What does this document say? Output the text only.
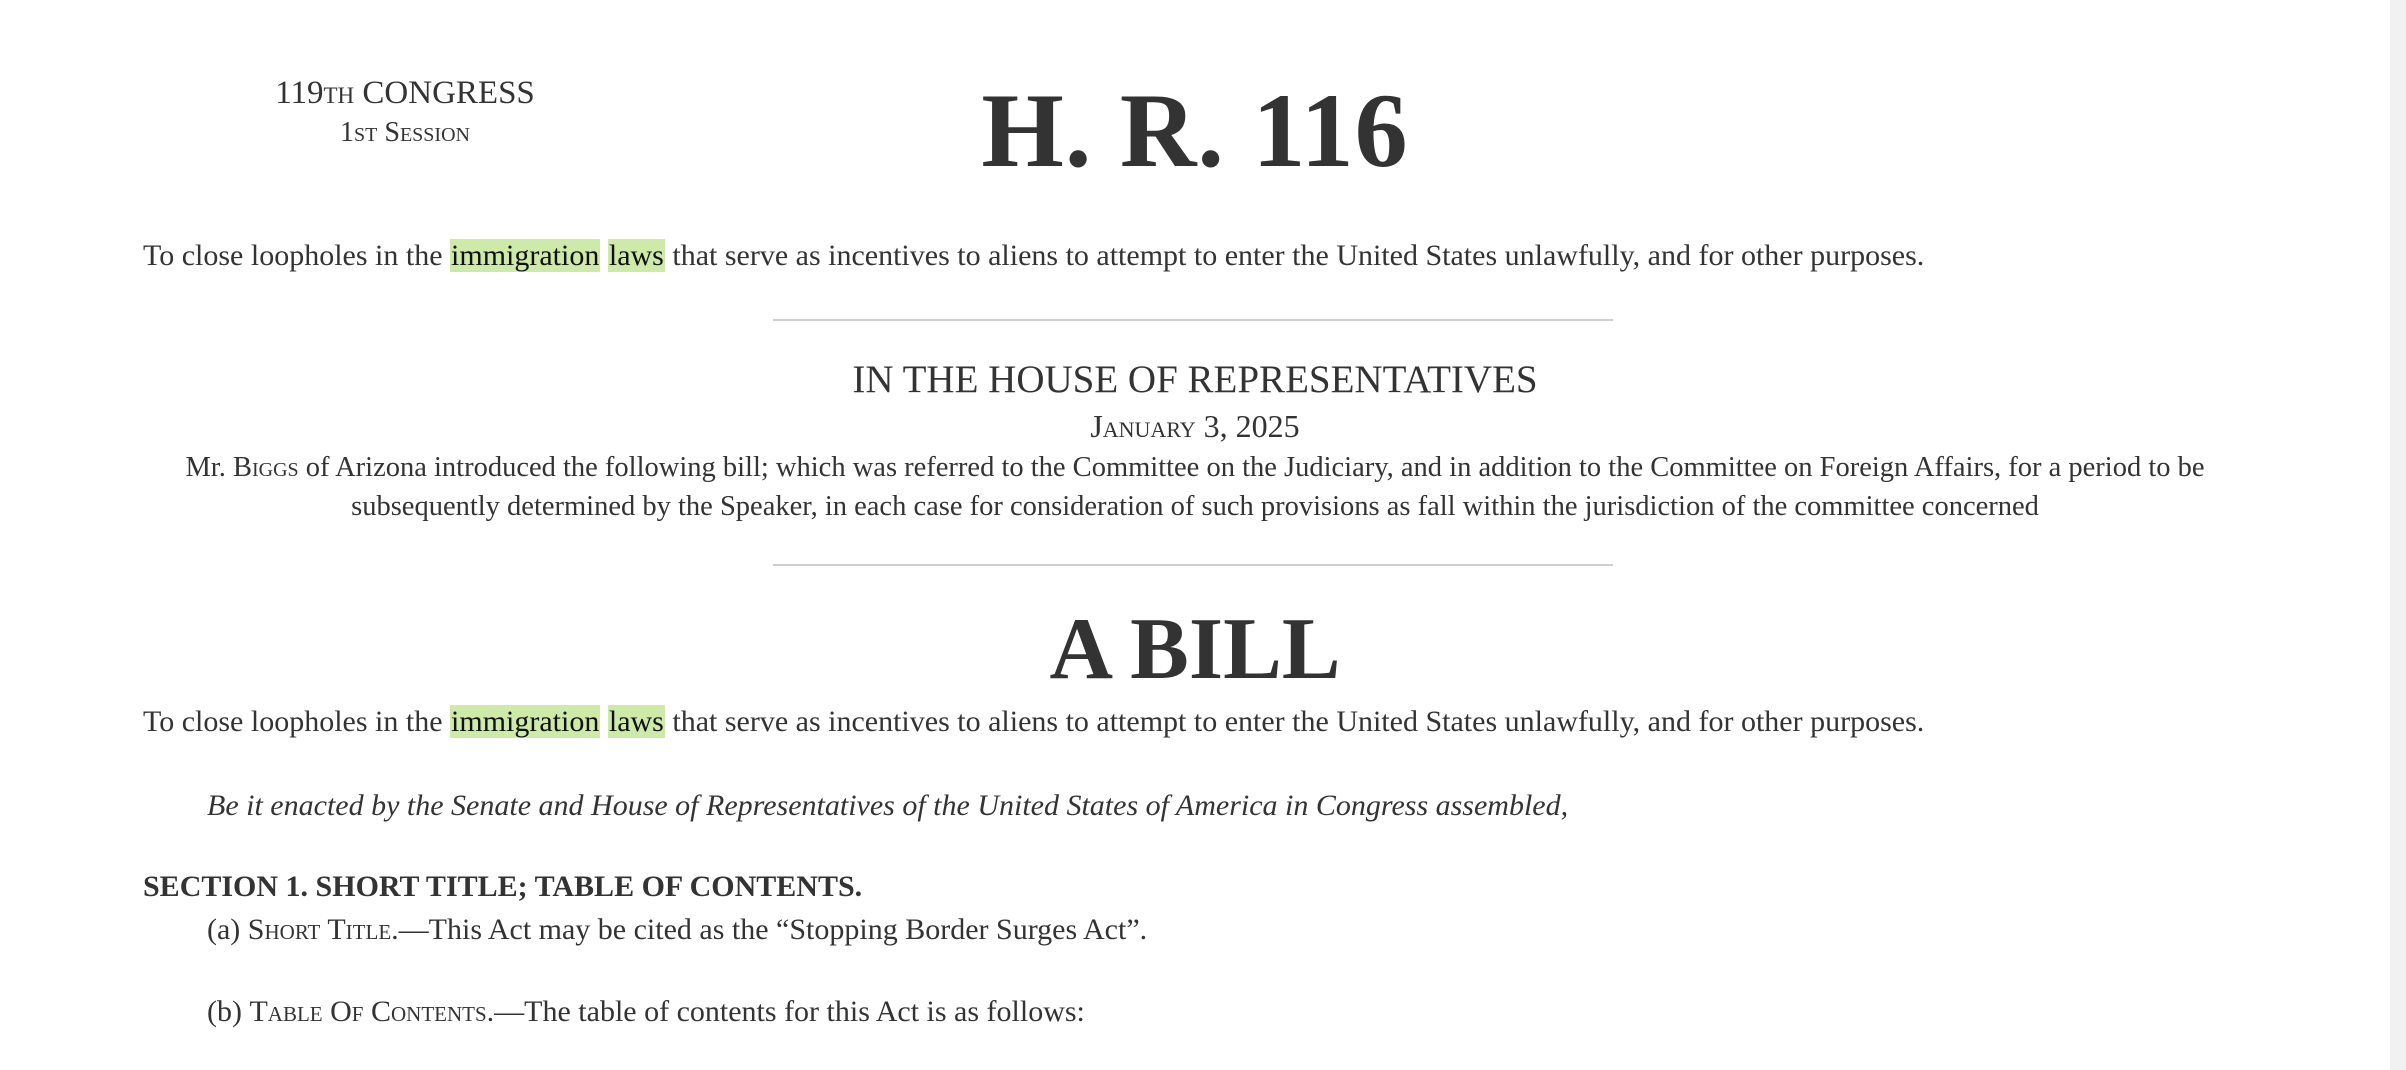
119th CONGRESS
1st Session	H. R. 116
To close loopholes in the immigration laws that serve as incentives to aliens to attempt to enter the United States unlawfully, and for other purposes.
IN THE HOUSE OF REPRESENTATIVES
January 3, 2025
Mr. Biggs of Arizona introduced the following bill; which was referred to the Committee on the Judiciary, and in addition to the Committee on Foreign Affairs, for a period to be
subsequently determined by the Speaker, in each case for consideration of such provisions as fall within the jurisdiction of the committee concerned
A BILL
To close loopholes in the immigration laws that serve as incentives to aliens to attempt to enter the United States unlawfully, and for other purposes.
Be it enacted by the Senate and House of Representatives of the United States of America in Congress assembled,
SECTION 1. SHORT TITLE; TABLE OF CONTENTS.
(a) Short Title.—This Act may be cited as the “Stopping Border Surges Act”.
(b) Table Of Contents.—The table of contents for this Act is as follows:
